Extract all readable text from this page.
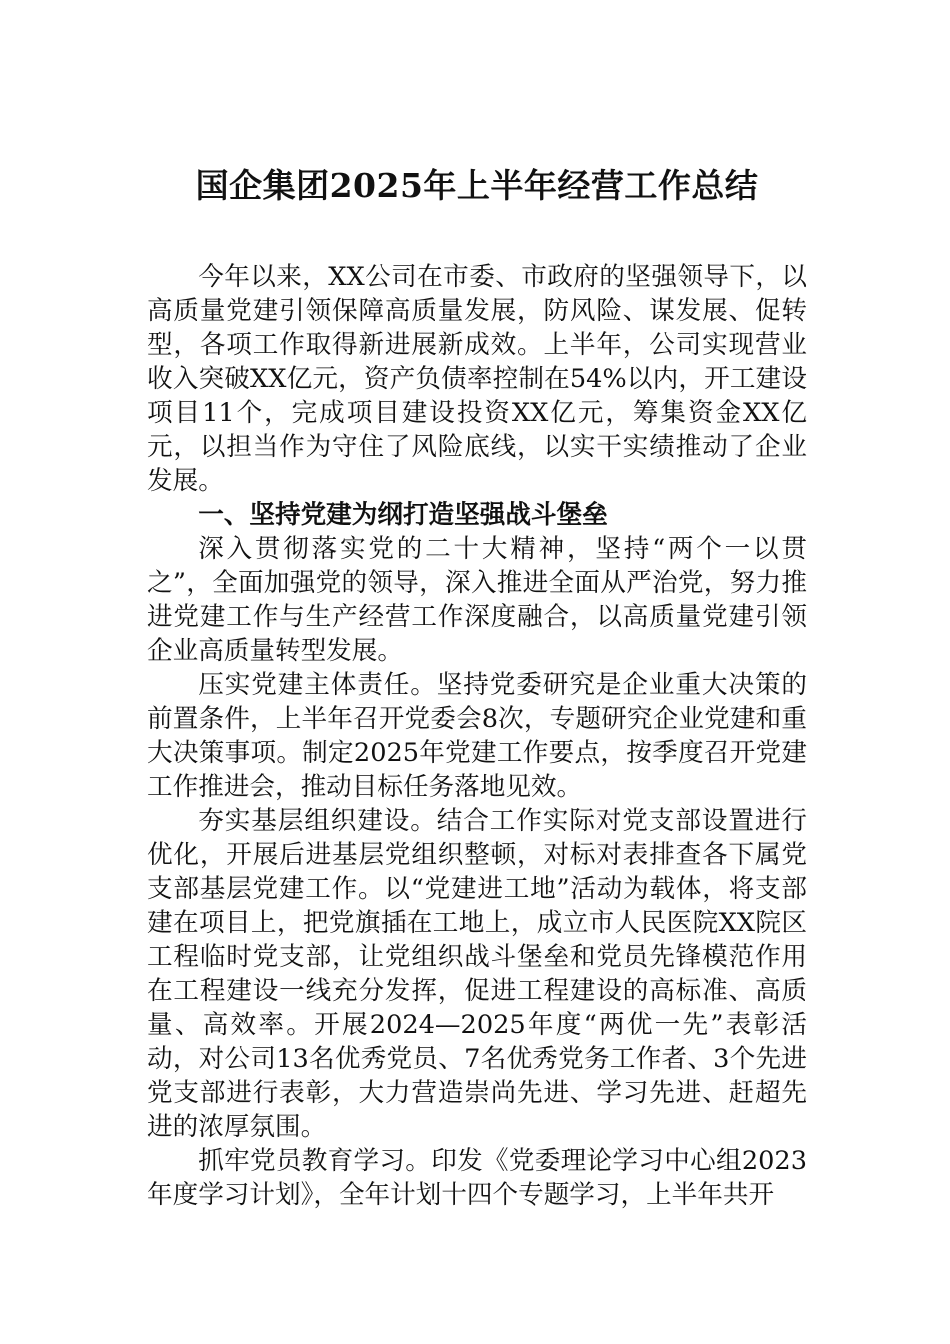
国企集团2025年上半年经营工作总结

今年以来，XX公司在市委、市政府的坚强领导下，以高质量党建引领保障高质量发展，防风险、谋发展、促转型，各项工作取得新进展新成效。上半年，公司实现营业收入突破XX亿元，资产负债率控制在54%以内，开工建设项目11个，完成项目建设投资XX亿元，筹集资金XX亿元，以担当作为守住了风险底线，以实干实绩推动了企业发展。

一、坚持党建为纲打造坚强战斗堡垒

深入贯彻落实党的二十大精神，坚持“两个一以贯之”，全面加强党的领导，深入推进全面从严治党，努力推进党建工作与生产经营工作深度融合，以高质量党建引领企业高质量转型发展。

压实党建主体责任。坚持党委研究是企业重大决策的前置条件，上半年召开党委会8次，专题研究企业党建和重大决策事项。制定2025年党建工作要点，按季度召开党建工作推进会，推动目标任务落地见效。

夯实基层组织建设。结合工作实际对党支部设置进行优化，开展后进基层党组织整顿，对标对表排查各下属党支部基层党建工作。以“党建进工地”活动为载体，将支部建在项目上，把党旗插在工地上，成立市人民医院XX院区工程临时党支部，让党组织战斗堡垒和党员先锋模范作用在工程建设一线充分发挥，促进工程建设的高标准、高质量、高效率。开展2024—2025年度“两优一先”表彰活动，对公司13名优秀党员、7名优秀党务工作者、3个先进党支部进行表彰，大力营造崇尚先进、学习先进、赶超先进的浓厚氛围。

抓牢党员教育学习。印发《党委理论学习中心组2023年度学习计划》，全年计划十四个专题学习，上半年共开
